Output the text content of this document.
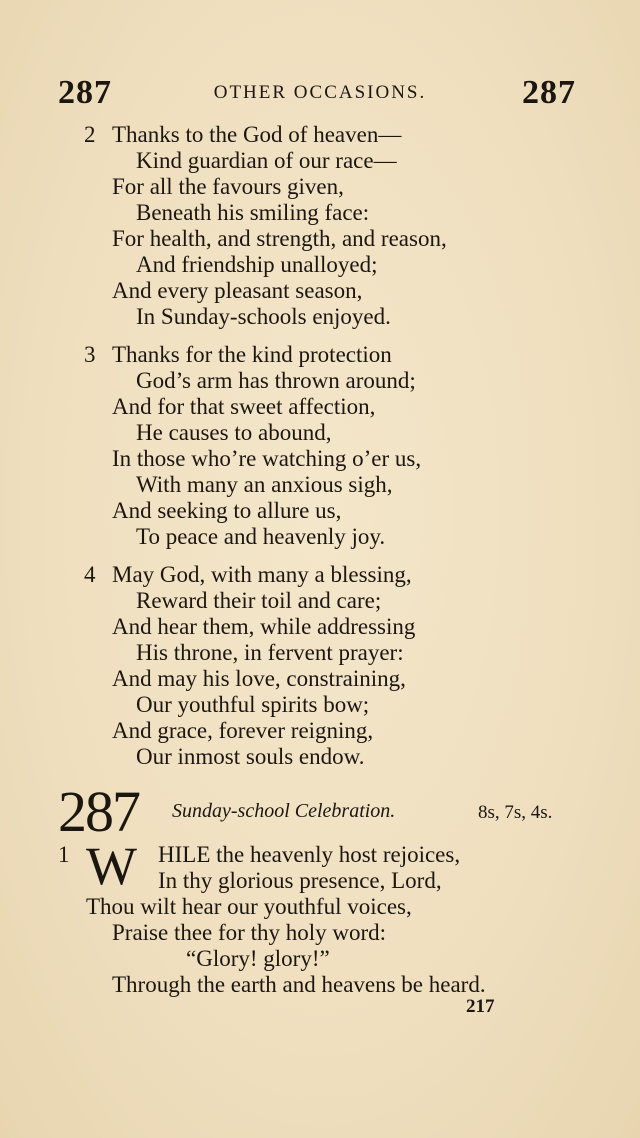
287	OTHER OCCASIONS.	287
2 Thanks to the God of heaven—
Kind guardian of our race—
For all the favours given,
Beneath his smiling face:
For health, and strength, and reason,
And friendship unalloyed;
And every pleasant season,
In Sunday-schools enjoyed.
3 Thanks for the kind protection
God’s arm has thrown around;
And for that sweet affection,
He causes to abound,
In those who’re watching o’er us,
With many an anxious sigh,
And seeking to allure us,
To peace and heavenly joy.
4 May God, with many a blessing,
Reward their toil and care;
And hear them, while addressing
His throne, in fervent prayer:
And may his love, constraining,
Our youthful spirits bow;
And grace, forever reigning,
Our inmost souls endow.
287 Sunday-school Celebration.	8s, 7s, 4s.
1 W HILE the heavenly host rejoices,
In thy glorious presence, Lord,
Thou wilt hear our youthful voices,
Praise thee for thy holy word:
“Glory! glory!”
Through the earth and heavens be heard.
217
